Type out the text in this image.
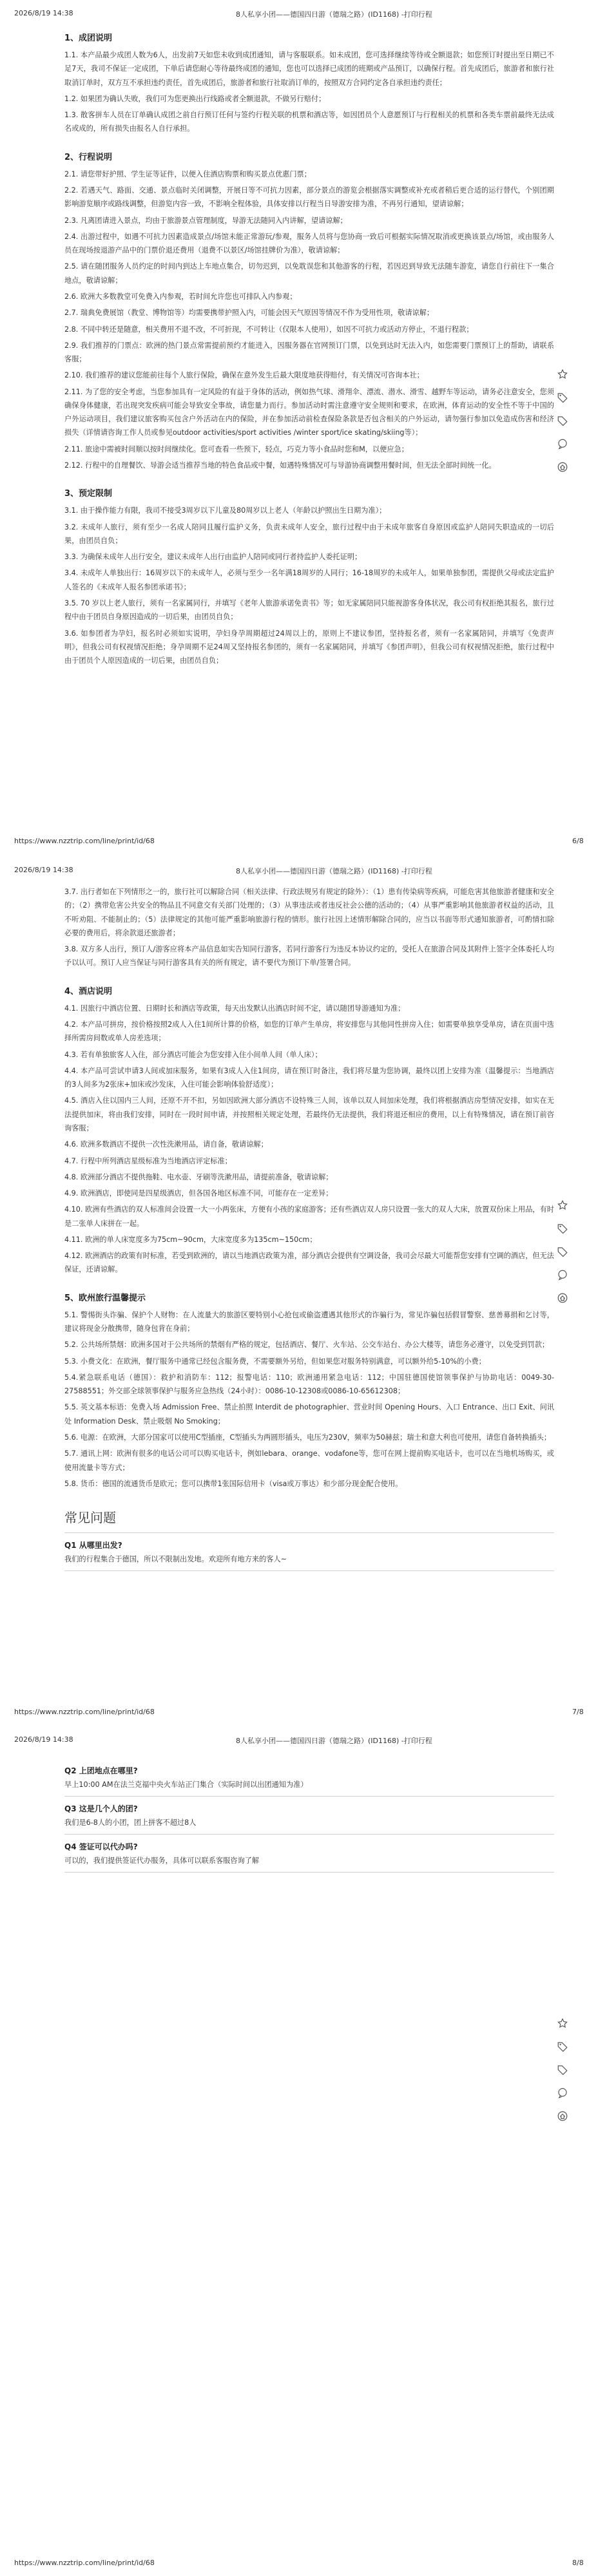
2026/8/19 14:38	8人私享小团——德国四日游（德瑞之路）(ID1168) -打印行程
1、成团说明

1.1. 本产品最少成团人数为6人，出发前7天如您未收到成团通知，请与客服联系。如未成团，您可选择继续等待或全额退款；如您预订时提出至日期已不足7天，我司不保证一定成团，下单后请您耐心等待最终成团的通知，您也可以选择已成团的班期或产品预订，以确保行程。首先成团后，旅游者和旅行社取消订单时，双方互不承担违约责任，首先成团后，旅游者和旅行社取消订单的，按照双方合同约定各自承担违约责任；

1.2. 如果团为确认失败，我们可为您更换出行线路或者全额退款，不做另行赔付；

1.3. 散客拼车人员在订单确认成团之前自行预订任何与签约行程关联的机票和酒店等，如因团员个人意愿预订与行程相关的机票和各类车票前最终无法成名或成的，所有损失由报名人自行承担。

2、行程说明

2.1. 请您带好护照、学生证等证件，以便入住酒店购票和购买景点优惠门票；

2.2. 若遇天气、路面、交通、景点临时关闭调整，开展日等不可抗力因素，部分景点的游览会根据落实调整或补充或者稍后更合适的运行替代，个别团期影响游览顺序或路线调整，但游览内容一致，不影响全程体验，具体安排以行程当日导游安排为准，不再另行通知，望请谅解；

2.3. 凡离团请进入景点，均由于旅游景点管理制度，导游无法随同入内讲解，望请谅解；

2.4. 出游过程中，如遇不可抗力因素造成景点/场馆未能正常游玩/参观，服务人员将与您协商一致后可根据实际情况取消或更换该景点/场馆，或由服务人员在现场按退游产品中的门票价退还费用（退费不以景区/场馆挂牌价为准），敬请谅解；

2.5. 请在随团服务人员约定的时间内到达上车地点集合，切勿迟到，以免耽误您和其他游客的行程，若因迟到导致无法随车游览，请您自行前往下一集合地点，敬请谅解；

2.6. 欧洲大多数教堂可免费入内参观，若时间允许您也可排队入内参观；

2.7. 瑞典免费展馆（教堂、博物馆等）均需要携带护照入内，可能会因天气原因等情况不作为受用性项，敬请谅解；

2.8. 不同中转还是随意，相关费用不退不改，不可折现，不可转让（仅限本人使用），如因不可抗力或活动方停止，不退行程款；

2.9. 我们推荐的门票点：欧洲的热门景点常需提前预约才能进入，因服务器在官网预订门票，以免到达时无法入内，如您需要门票预订上的帮助，请联系客服；

2.10. 我们推荐的建议您能前往每个人旅行保险，确保在意外发生后最大限度地获得赔付，有关情况可咨询本社；

2.11. 为了您的安全考虑，当您参加具有一定风险的有益于身体的活动，例如热气球、滑翔伞、漂流、潜水、滑雪、越野车等运动，请务必注意安全，您须确保身体健康，若出现突发疾病可能会导致安全事故，请您量力而行。参加活动时需注意遵守安全规则和要求，在欧洲，体育运动的安全性不等于中国的户外运动项目，我们建议旅客购买包含户外活动在内的保险，并在参加活动前检查保险条款是否包含相关的户外运动，请勿强行参加以免造成伤害和经济损失（详情请咨询工作人员或参见outdoor activities/sport activities /winter sport/ice skating/skiing等）；

2.11. 旅途中需被时间顺以按时间继续化。您可查看一些预下，轻点，巧克力等小食品时您和M，以便应急；

2.12. 行程中的自理餐饮、导游会适当推荐当地的特色食品或中餐，如遇特殊情况可与导游协商调整用餐时间，但无法全部时间统一化。

3、预定限制

3.1. 由于操作能力有限，我司不接受3周岁以下儿童及80周岁以上老人（年龄以护照出生日期为准）；

3.2. 未成年人旅行，须有至少一名成人陪同且履行监护义务，负责未成年人安全，旅行过程中由于未成年旅客自身原因或监护人陪同失职造成的一切后果，由团员自负；

3.3. 为确保未成年人出行安全，建议未成年人出行由监护人陪同或同行者持监护人委托证明；

3.4. 未成年人单独出行：16周岁以下的未成年人，必须与至少一名年满18周岁的人同行；16-18周岁的未成年人，如果单独参团，需提供父母或法定监护人签名的《未成年人报名参团承诺书》；

3.5. 70 岁以上老人旅行，须有一名家属同行，并填写《老年人旅游承诺免责书》等；如无家属陪同只能视游客身体状况，我公司有权拒绝其报名，旅行过程中由于团员自身原因造成的一切后果，由团员自负；

3.6. 如参团者为孕妇，报名时必须如实说明，孕妇身孕周期超过24周以上的，原则上不建议参团，坚持报名者，须有一名家属陪同，并填写《免责声明》，但我公司有权视情况拒绝；身孕周期不足24周又坚持报名参团的，须有一名家属陪同，并填写《参团声明》，但我公司有权视情况拒绝，旅行过程中由于团员个人原因造成的一切后果，由团员自负；

https://www.nzztrip.com/line/print/id/68	6/8
2026/8/19 14:38	8人私享小团——德国四日游（德瑞之路）(ID1168) -打印行程

3.7. 出行者如在下列情形之一的，旅行社可以解除合同（相关法律、行政法规另有规定的除外）：（1）患有传染病等疾病，可能危害其他旅游者健康和安全的；（2）携带危害公共安全的物品且不同意交有关部门处理的；（3）从事违法或者违反社会公德的活动的；（4）从事严重影响其他旅游者权益的活动，且不听劝阻、不能制止的；（5）法律规定的其他可能严重影响旅游行程的情形。旅行社因上述情形解除合同的，应当以书面等形式通知旅游者，可酌情扣除必要的费用后，将余款退还旅游者；

3.8. 双方多人出行，预订人/游客应将本产品信息如实告知同行游客，若同行游客行为违反本协议约定的，受托人在旅游合同及其附件上签字全体委托人均予以认可。预订人应当保证与同行游客具有关的所有规定，请不要代为预订下单/签署合同。

4、酒店说明

4.1. 因旅行中酒店位置、日期时长和酒店等政策，每天出发默认出酒店时间不定，请以随团导游通知为准；

4.2. 本产品可拼房，按价格按照2成人入住1间所计算的价格，如您的订单产生单房，将安排您与其他同性拼房入住；如需要单独享受单房，请在页面中选择所需房间数或单人房差选项；

4.3. 若有单独旅客人入住，部分酒店可能会为您安排入住小间单人间（单人床）；

4.4. 本产品可尝试申请3人间或加床服务，如果有3成人入住1间房，请在预订时备注，我们将尽量为您协调，最终以团上安排为准（温馨提示：当地酒店的3人间多为2张床+加床或沙发床，入住可能会影响体验舒适度）；

4.5. 酒店入住以国内三人间，还原不开不扣，另如因欧洲大部分酒店不设特殊三人间，该单以双人间加床处理，我们将根据酒店房型情况安排，如实在无法提供加床，将由我们安排，同时在一段时间申请，并按照相关规定处理，若最终仍无法提供，我们将退还相应的费用，以上有特殊情况，请在预订前咨询客服；

4.6. 欧洲多数酒店不提供一次性洗漱用品，请自备，敬请谅解；

4.7. 行程中所列酒店星级标准为当地酒店评定标准；

4.8. 欧洲部分酒店不提供拖鞋、电水壶、牙刷等洗漱用品，请提前准备，敬请谅解；

4.9. 欧洲酒店，即使同是四星级酒店，但各国各地区标准不同，可能存在一定差异；

4.10. 欧洲有些酒店的双人标准间会设置一大一小两张床，方便有小孩的家庭游客；还有些酒店双人房只设置一张大的双人大床，放置双份床上用品，有时是二张单人床拼在一起。

4.11. 欧洲的单人床宽度多为75cm~90cm，大床宽度多为135cm~150cm；

4.12. 欧洲酒店的政策有时标准，若受到欧洲的，请以当地酒店政策为准，部分酒店会提供有空调设备，我司会尽最大可能帮您安排有空调的酒店，但无法保证，还请谅解。

5、欧州旅行温馨提示

5.1. 警惕街头诈骗、保护个人财物：在人流量大的旅游区要特别小心抢包或偷盗遭遇其他形式的诈骗行为，常见诈骗包括假冒警察、慈善募捐和乞讨等，建议将现金分散携带，随身包背在身前；

5.2. 公共场所禁烟：欧洲多国对于公共场所的禁烟有严格的规定，包括酒店、餐厅、火车站、公交车站台、办公大楼等，请您务必遵守，以免受到罚款；

5.3. 小费文化：在欧洲，餐厅服务中通常已经包含服务费，不需要额外另给，但如果您对服务特别满意，可以额外给5-10%的小费；

5.4.紧急联系电话（德国）：救护和消防车：112；报警电话：110；欧洲通用紧急电话：112；中国驻德国使馆领事保护与协助电话：0049-30-27588551；外交部全球领事保护与服务应急热线（24小时）：0086-10-12308或0086-10-65612308；

5.5. 英文基本标语：免费入场 Admission Free、禁止拍照 Interdit de photographier、营业时间 Opening Hours、入口 Entrance、出口 Exit、问讯处 Information Desk、禁止吸烟 No Smoking；

5.6. 电源：在欧洲，大部分国家可以使用C型插座，C型插头为两圆形插头，电压为230V，频率为50赫兹；瑞士和意大利也可使用，请您自备转换插头；

5.7. 通讯上网：欧洲有很多的电话公司可以购买电话卡，例如lebara、orange、vodafone等，您可在网上提前购买电话卡，也可以在当地机场购买，或使用流量卡等方式；

5.8. 货币：德国的流通货币是欧元；您可以携带1张国际信用卡（visa或万事达）和少部分现金配合使用。

常见问题
Q1 从哪里出发?
我们的行程集合于德国，所以不限制出发地。欢迎所有地方来的客人~
https://www.nzztrip.com/line/print/id/68	7/8
2026/8/19 14:38	8人私享小团——德国四日游（德瑞之路）(ID1168) -打印行程
Q2 上团地点在哪里?
早上10:00 AM在法兰克福中央火车站正门集合（实际时间以出团通知为准）
Q3 这是几个人的团?
我们是6-8人的小团，团上拼客不超过8人
Q4 签证可以代办吗?
可以的，我们提供签证代办服务，具体可以联系客服咨询了解
https://www.nzztrip.com/line/print/id/68	8/8
